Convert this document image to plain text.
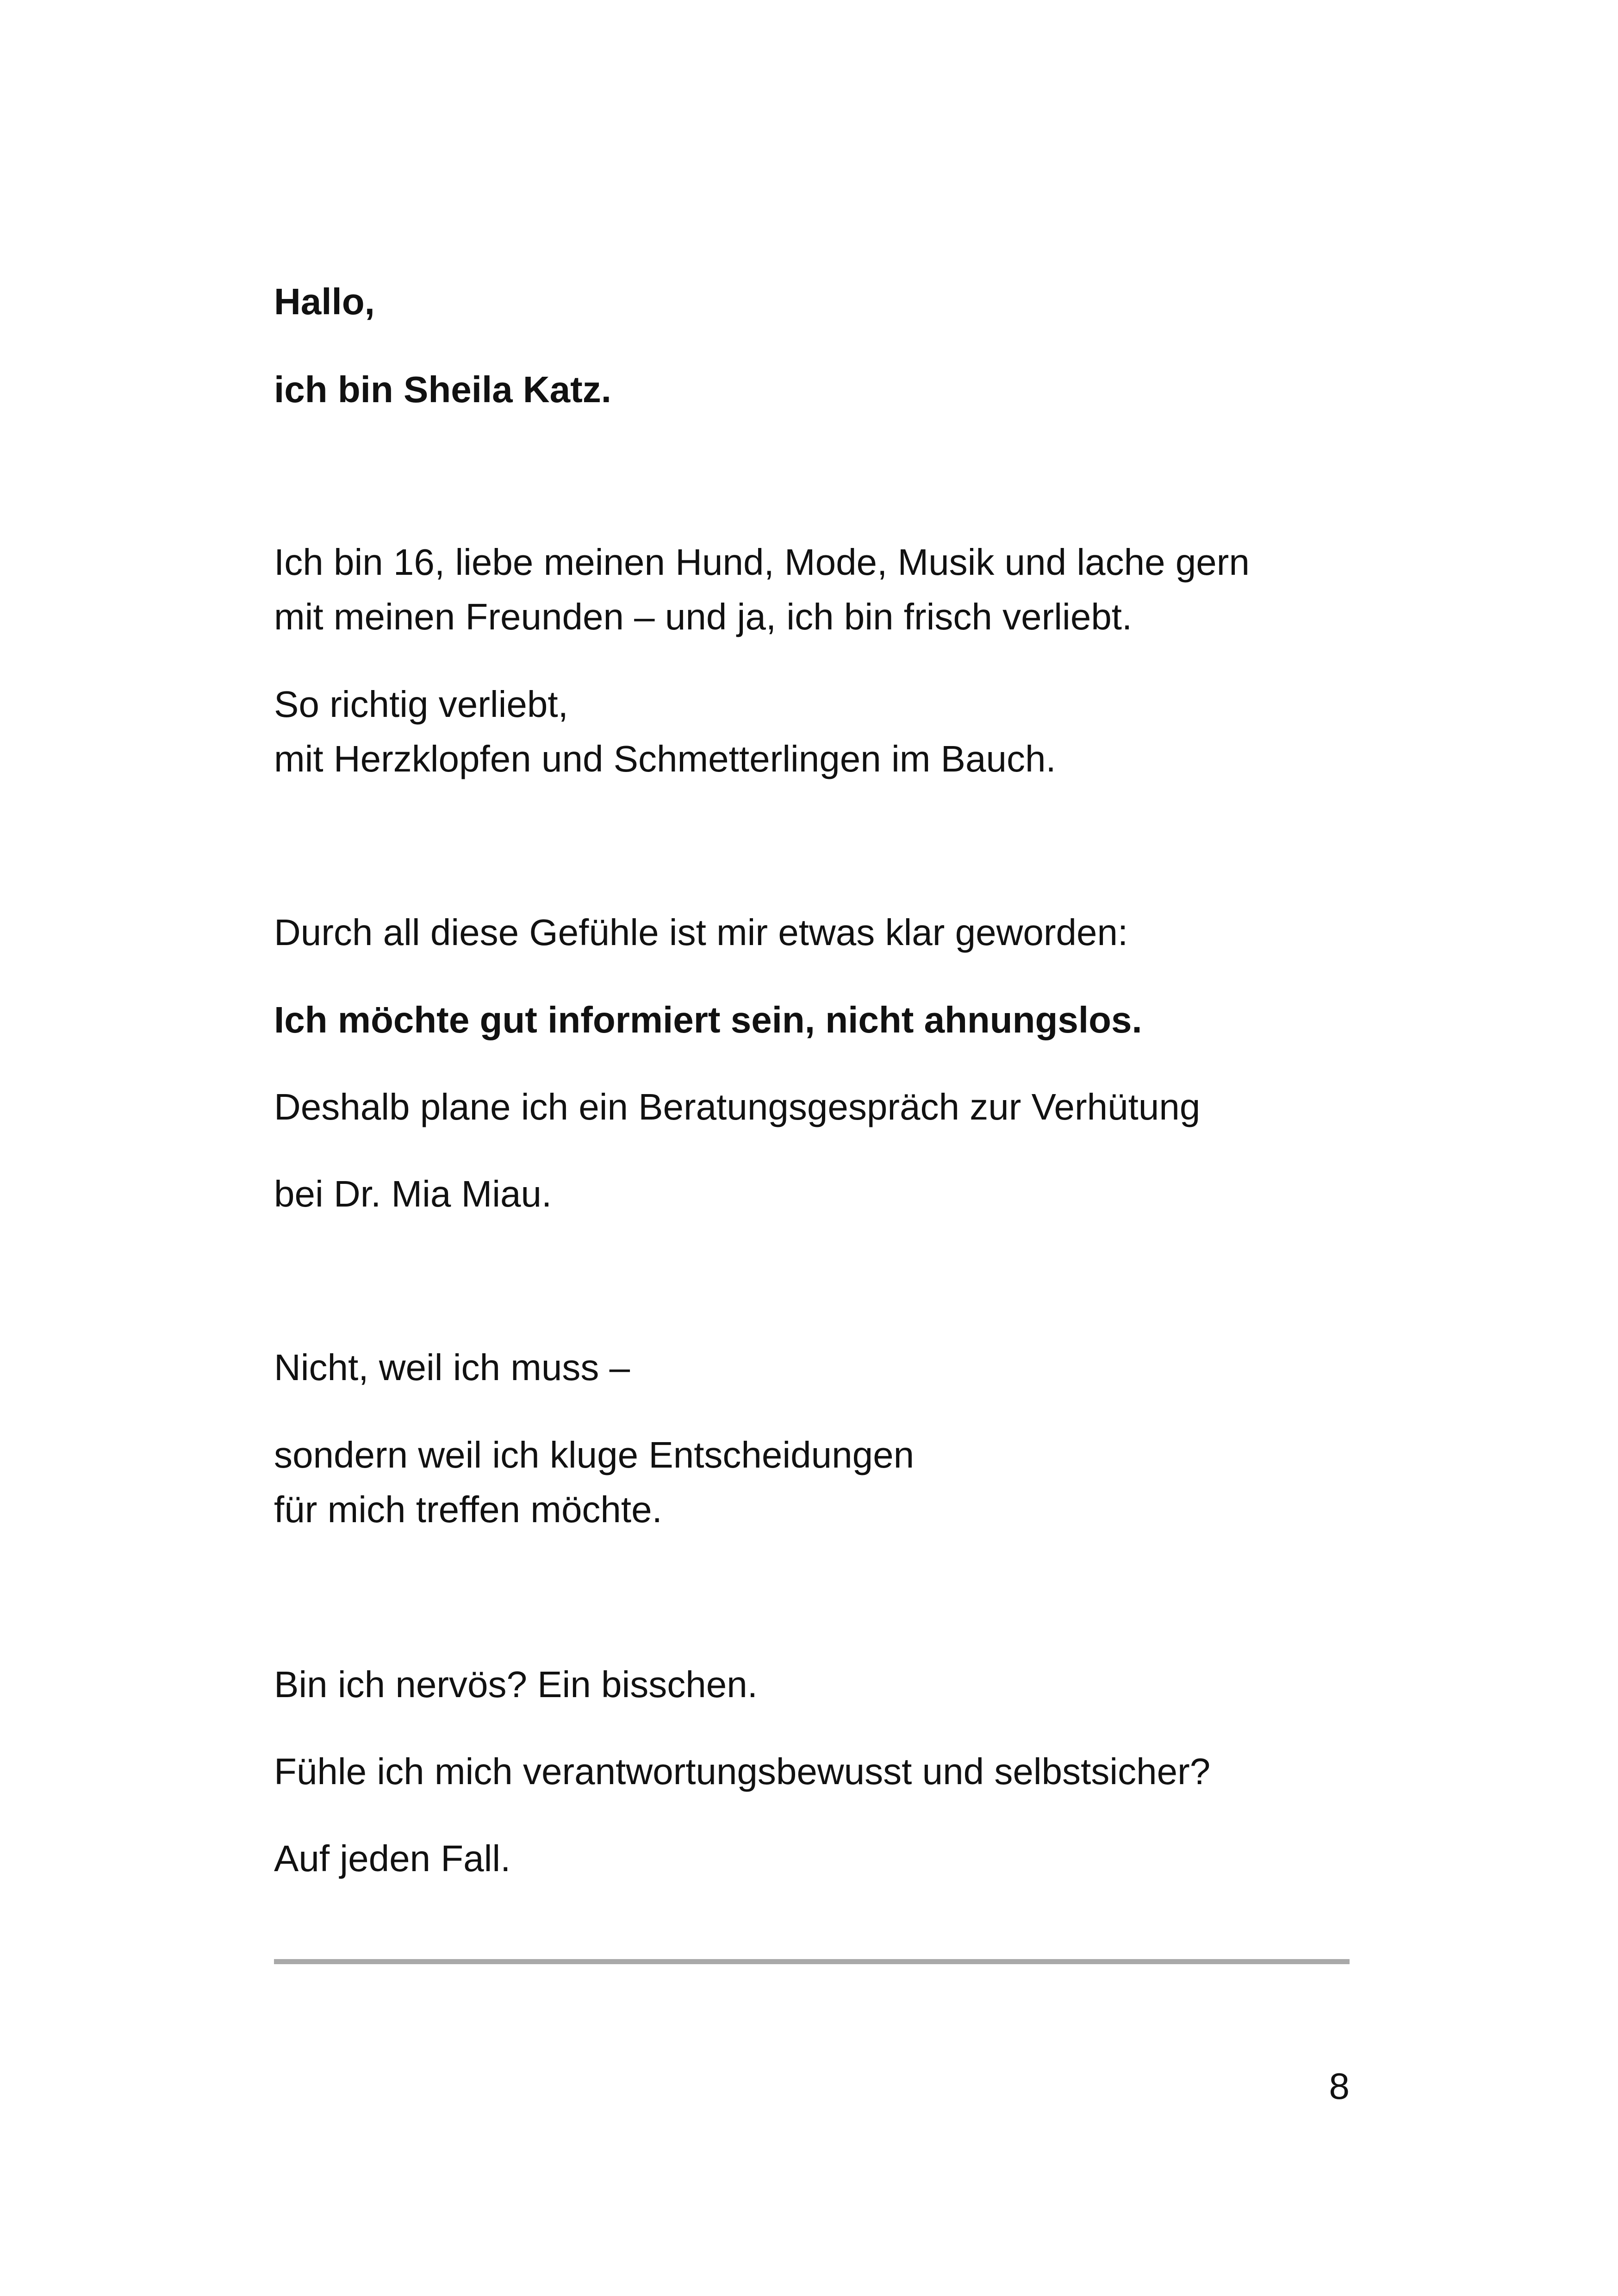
Hallo,
ich bin Sheila Katz.
Ich bin 16, liebe meinen Hund, Mode, Musik und lache gern
mit meinen Freunden – und ja, ich bin frisch verliebt.
So richtig verliebt,
mit Herzklopfen und Schmetterlingen im Bauch.
Durch all diese Gefühle ist mir etwas klar geworden:
Ich möchte gut informiert sein, nicht ahnungslos.
Deshalb plane ich ein Beratungsgespräch zur Verhütung
bei Dr. Mia Miau.
Nicht, weil ich muss –
sondern weil ich kluge Entscheidungen
für mich treffen möchte.
Bin ich nervös? Ein bisschen.
Fühle ich mich verantwortungsbewusst und selbstsicher?
Auf jeden Fall.
8
